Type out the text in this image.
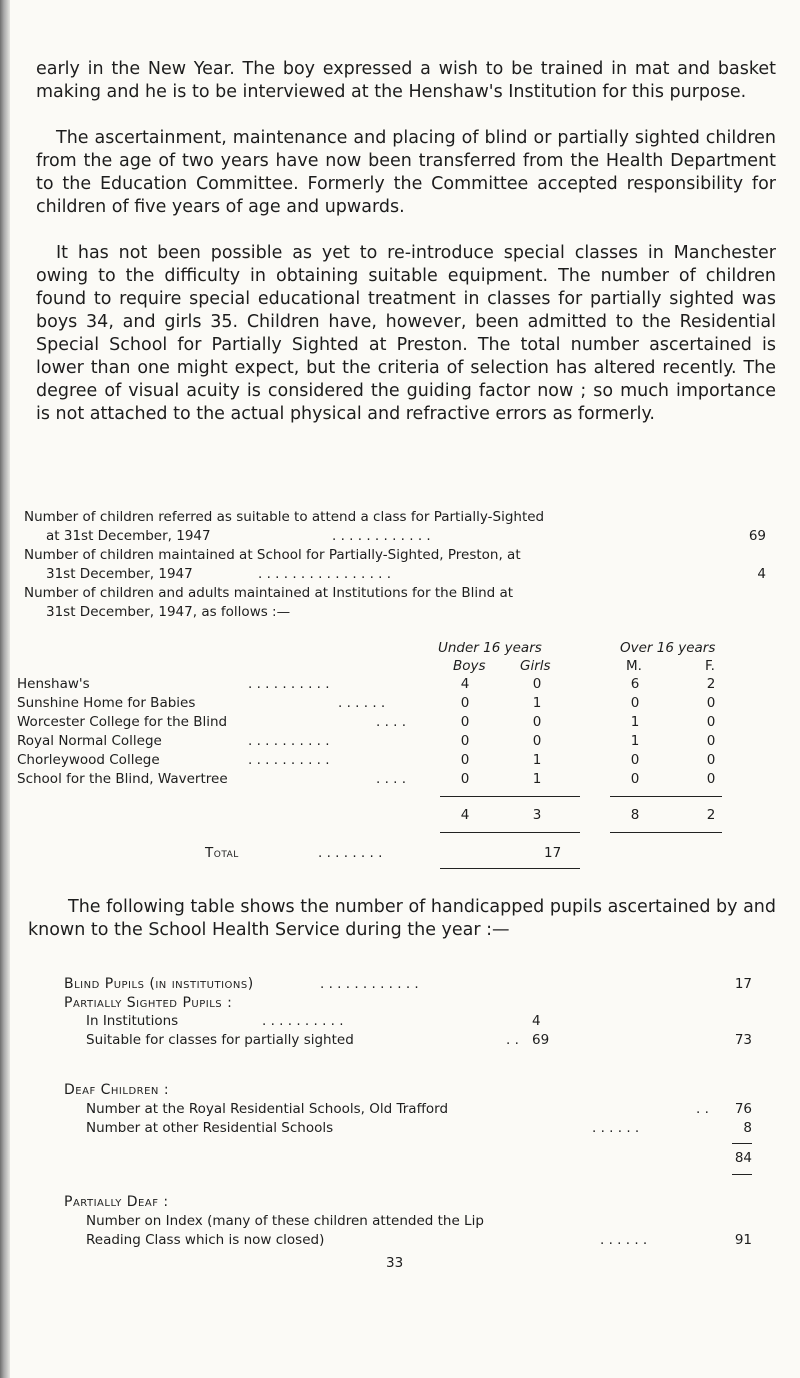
early in the New Year. The boy expressed a wish to be trained in mat and basket making and he is to be interviewed at the Henshaw's Institution for this purpose.

The ascertainment, maintenance and placing of blind or partially sighted children from the age of two years have now been transferred from the Health Department to the Education Committee. Formerly the Committee accepted responsibility for children of five years of age and upwards.

It has not been possible as yet to re-introduce special classes in Manchester owing to the difficulty in obtaining suitable equipment. The number of children found to require special educational treatment in classes for partially sighted was boys 34, and girls 35. Children have, however, been admitted to the Residential Special School for Partially Sighted at Preston. The total number ascertained is lower than one might expect, but the criteria of selection has altered recently. The degree of visual acuity is considered the guiding factor now ; so much importance is not attached to the actual physical and refractive errors as formerly.

Number of children referred as suitable to attend a class for Partially-Sighted
at 31st December, 1947	. . . . . . . . . . . .	69
Number of children maintained at School for Partially-Sighted, Preston, at
31st December, 1947	. . . . . . . . . . . . . . . .	4
Number of children and adults maintained at Institutions for the Blind at
31st December, 1947, as follows :—
Under 16 years	Over 16 years
Boys	Girls	M.	F.
Henshaw's	. . . . . . . . . .	4	0	6	2
Sunshine Home for Babies	. . . . . .	0	1	0	0
Worcester College for the Blind	. . . .	0	0	1	0
Royal Normal College	. . . . . . . . . .	0	0	1	0
Chorleywood College	. . . . . . . . . .	0	1	0	0
School for the Blind, Wavertree	. . . .	0	1	0	0
4	3	8	2
Total	. . . . . . . .	17

The following table shows the number of handicapped pupils ascertained by and known to the School Health Service during the year :—

Blind Pupils (in institutions)	. . . . . . . . . . . .	17
Partially Sighted Pupils :
In Institutions	. . . . . . . . . .	4
Suitable for classes for partially sighted	. . 69	73
Deaf Children :
Number at the Royal Residential Schools, Old Trafford	. .	76
Number at other Residential Schools	. . . . . .	8
84
Partially Deaf :
Number on Index (many of these children attended the Lip
Reading Class which is now closed)	. . . . . .	91
33
